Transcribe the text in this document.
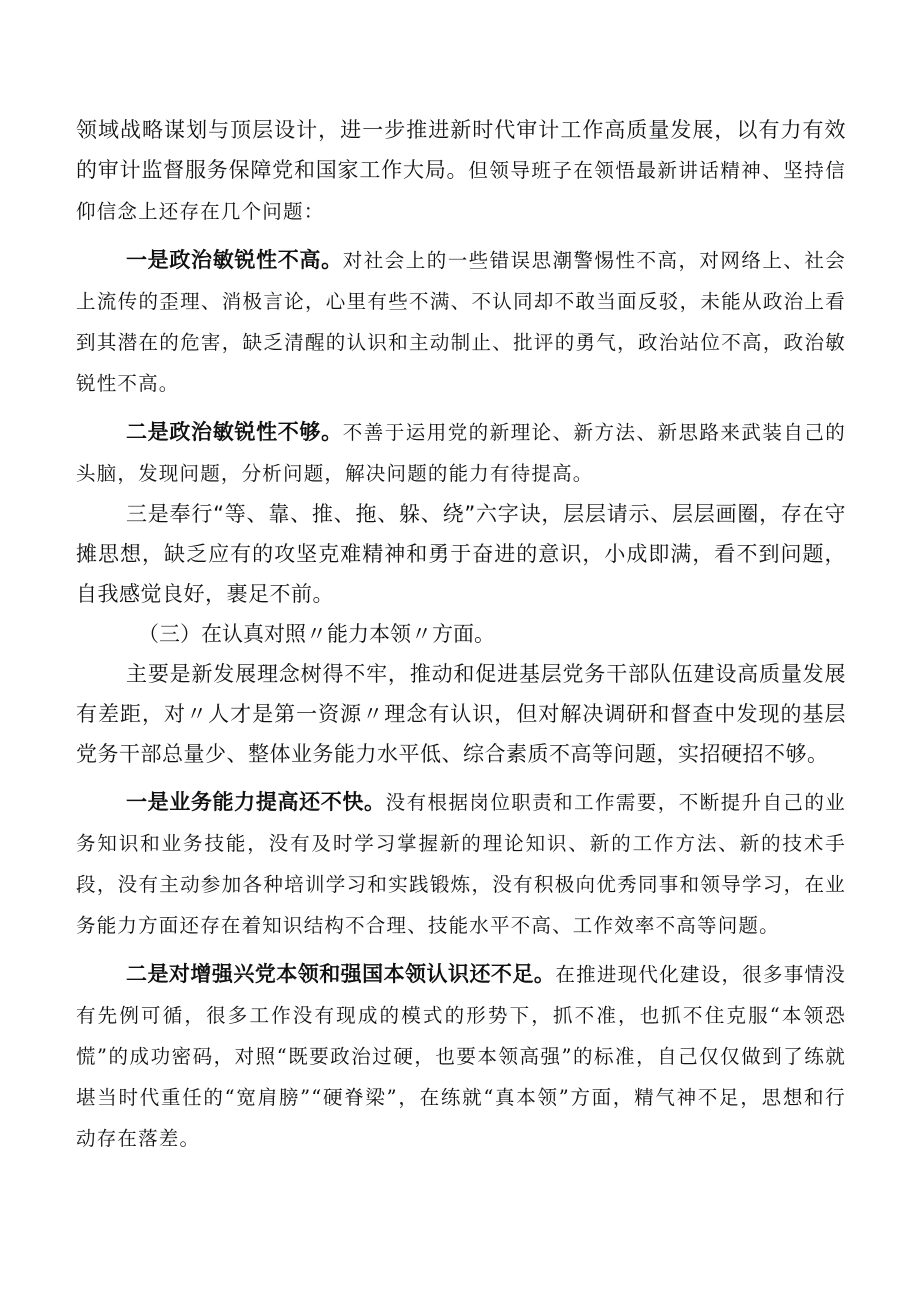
领域战略谋划与顶层设计，进一步推进新时代审计工作高质量发展，以有力有效的审计监督服务保障党和国家工作大局。但领导班子在领悟最新讲话精神、坚持信仰信念上还存在几个问题：

一是政治敏锐性不高。对社会上的一些错误思潮警惕性不高，对网络上、社会上流传的歪理、消极言论，心里有些不满、不认同却不敢当面反驳，未能从政治上看到其潜在的危害，缺乏清醒的认识和主动制止、批评的勇气，政治站位不高，政治敏锐性不高。

二是政治敏锐性不够。不善于运用党的新理论、新方法、新思路来武装自己的头脑，发现问题，分析问题，解决问题的能力有待提高。

三是奉行“等、靠、推、拖、躲、绕”六字诀，层层请示、层层画圈，存在守摊思想，缺乏应有的攻坚克难精神和勇于奋进的意识，小成即满，看不到问题，自我感觉良好，裹足不前。

（三）在认真对照〃能力本领〃方面。

主要是新发展理念树得不牢，推动和促进基层党务干部队伍建设高质量发展有差距，对〃人才是第一资源〃理念有认识，但对解决调研和督查中发现的基层党务干部总量少、整体业务能力水平低、综合素质不高等问题，实招硬招不够。

一是业务能力提高还不快。没有根据岗位职责和工作需要，不断提升自己的业务知识和业务技能，没有及时学习掌握新的理论知识、新的工作方法、新的技术手段，没有主动参加各种培训学习和实践锻炼，没有积极向优秀同事和领导学习，在业务能力方面还存在着知识结构不合理、技能水平不高、工作效率不高等问题。

二是对增强兴党本领和强国本领认识还不足。在推进现代化建设，很多事情没有先例可循，很多工作没有现成的模式的形势下，抓不准，也抓不住克服“本领恐慌”的成功密码，对照“既要政治过硬，也要本领高强”的标准，自己仅仅做到了练就堪当时代重任的“宽肩膀”“硬脊梁”，在练就“真本领”方面，精气神不足，思想和行动存在落差。
